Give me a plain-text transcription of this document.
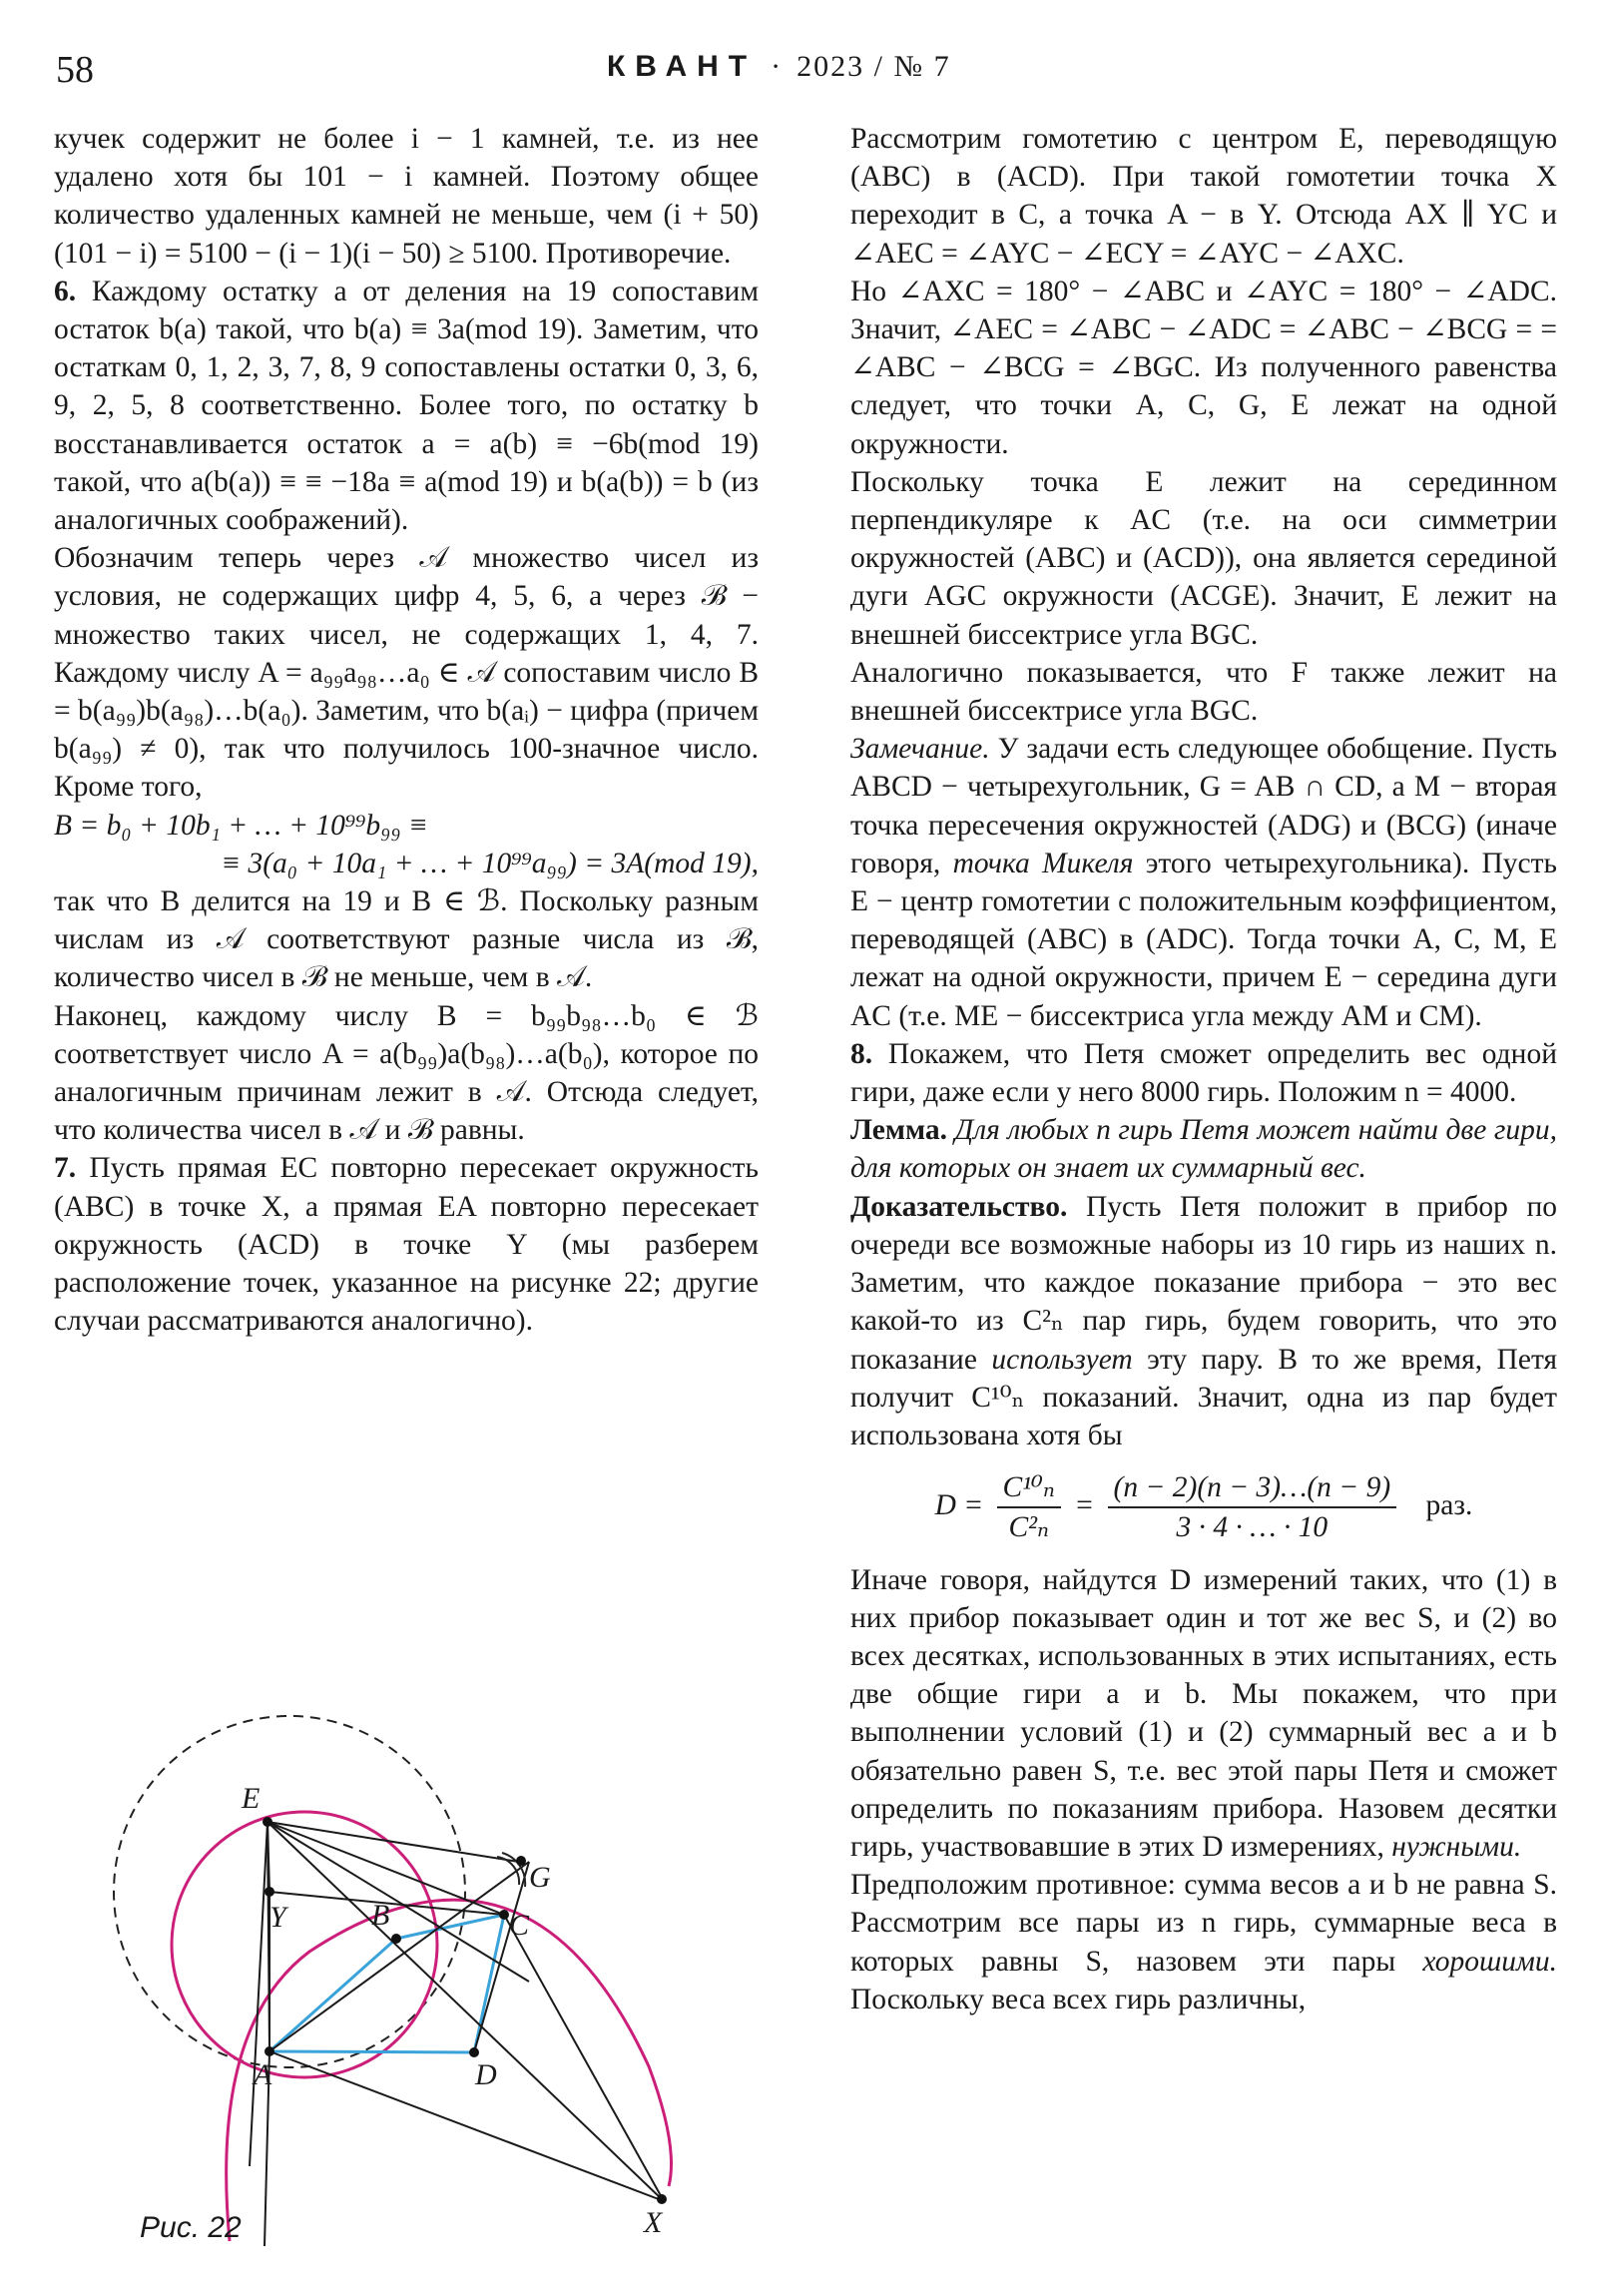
58	КВАНТ · 2023 / № 7

кучек содержит не более i − 1 камней, т.е. из нее удалено хотя бы 101 − i камней. Поэтому общее количество удаленных камней не меньше, чем (i + 50)(101 − i) = 5100 − (i − 1)(i − 50) ≥ 5100. Противоречие.

6. Каждому остатку a от деления на 19 сопоставим остаток b(a) такой, что b(a) ≡ 3a(mod 19). Заметим, что остаткам 0, 1, 2, 3, 7, 8, 9 сопоставлены остатки 0, 3, 6, 9, 2, 5, 8 соответственно. Более того, по остатку b восстанавливается остаток a = a(b) ≡ −6b(mod 19) такой, что a(b(a)) ≡ ≡ −18a ≡ a(mod 19) и b(a(b)) = b (из аналогичных соображений).

Обозначим теперь через 𝒜 множество чисел из условия, не содержащих цифр 4, 5, 6, а через ℬ − множество таких чисел, не содержащих 1, 4, 7. Каждому числу A = a₉₉a₉₈…a₀ ∈ 𝒜 сопоставим число B = b(a₉₉)b(a₉₈)…b(a₀). Заметим, что b(aᵢ) − цифра (причем b(a₉₉) ≠ 0), так что получилось 100-значное число. Кроме того,

B = b₀ + 10b₁ + … + 10⁹⁹b₉₉ ≡

≡ 3(a₀ + 10a₁ + … + 10⁹⁹a₉₉) = 3A(mod 19),

так что B делится на 19 и B ∈ ℬ. Поскольку разным числам из 𝒜 соответствуют разные числа из ℬ, количество чисел в ℬ не меньше, чем в 𝒜.

Наконец, каждому числу B = b₉₉b₉₈…b₀ ∈ ℬ соответствует число A = a(b₉₉)a(b₉₈)…a(b₀), которое по аналогичным причинам лежит в 𝒜. Отсюда следует, что количества чисел в 𝒜 и ℬ равны.

7. Пусть прямая EC повторно пересекает окружность (ABC) в точке X, а прямая EA повторно пересекает окружность (ACD) в точке Y (мы разберем расположение точек, указанное на рисунке 22; другие случаи рассматриваются аналогично).

E
G
Y	B	C
A	D
X
Рис. 22

Рассмотрим гомотетию с центром E, переводящую (ABC) в (ACD). При такой гомотетии точка X переходит в C, а точка A − в Y. Отсюда AX ∥ YC и ∠AEC = ∠AYC − ∠ECY = ∠AYC − ∠AXC.

Но ∠AXC = 180° − ∠ABC и ∠AYC = 180° − ∠ADC. Значит, ∠AEC = ∠ABC − ∠ADC = ∠ABC − ∠BCG = = ∠ABC − ∠BCG = ∠BGC. Из полученного равенства следует, что точки A, C, G, E лежат на одной окружности.

Поскольку точка E лежит на серединном перпендикуляре к AC (т.е. на оси симметрии окружностей (ABC) и (ACD)), она является серединой дуги AGC окружности (ACGE). Значит, E лежит на внешней биссектрисе угла BGC.

Аналогично показывается, что F также лежит на внешней биссектрисе угла BGC.

Замечание. У задачи есть следующее обобщение. Пусть ABCD − четырехугольник, G = AB ∩ CD, а M − вторая точка пересечения окружностей (ADG) и (BCG) (иначе говоря, точка Микеля этого четырехугольника). Пусть E − центр гомотетии с положительным коэффициентом, переводящей (ABC) в (ADC). Тогда точки A, C, M, E лежат на одной окружности, причем E − середина дуги AC (т.е. ME − биссектриса угла между AM и CM).

8. Покажем, что Петя сможет определить вес одной гири, даже если у него 8000 гирь. Положим n = 4000.

Лемма. Для любых n гирь Петя может найти две гири, для которых он знает их суммарный вес.

Доказательство. Пусть Петя положит в прибор по очереди все возможные наборы из 10 гирь из наших n. Заметим, что каждое показание прибора − это вес какой-то из C²ₙ пар гирь, будем говорить, что это показание использует эту пару. В то же время, Петя получит C¹⁰ₙ показаний. Значит, одна из пар будет использована хотя бы

$D = \frac{\text{C¹⁰ₙ}}{\text{C²ₙ}} = \frac{(n - 2)(n - 3)\dots(n - 9)}{3 \cdot 4 \cdot \dots \cdot 10}$ раз.

Иначе говоря, найдутся D измерений таких, что (1) в них прибор показывает один и тот же вес S, и (2) во всех десятках, использованных в этих испытаниях, есть две общие гири a и b. Мы покажем, что при выполнении условий (1) и (2) суммарный вес a и b обязательно равен S, т.е. вес этой пары Петя и сможет определить по показаниям прибора. Назовем десятки гирь, участвовавшие в этих D измерениях, нужными.

Предположим противное: сумма весов a и b не равна S. Рассмотрим все пары из n гирь, суммарные веса в которых равны S, назовем эти пары хорошими. Поскольку веса всех гирь различны,
